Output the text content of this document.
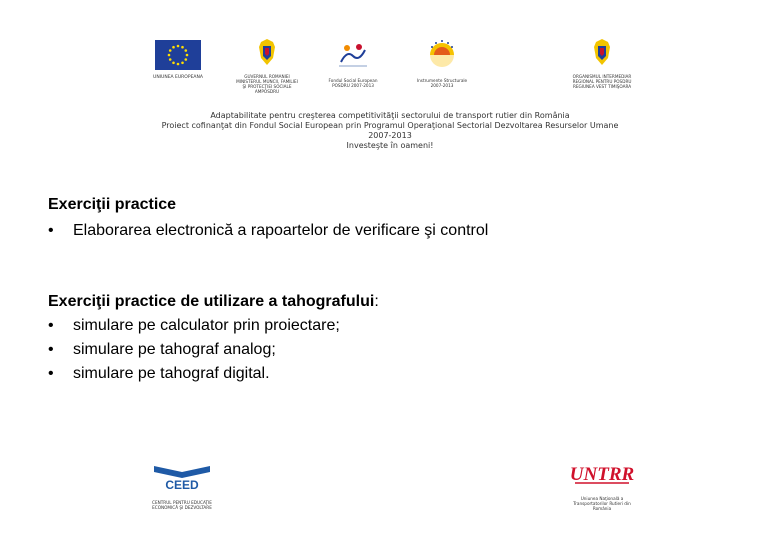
UNIUNEA EUROPEANA	GUVERNUL ROMANIEI
MINISTERUL MUNCII, FAMILIEI
ŞI PROTECŢIEI SOCIALE
AMPOSDRU
Fondul Social European
POSDRU 2007-2013
Instrumente Structurale
2007-2013
ORGANISMUL INTERMEDIAR
REGIONAL PENTRU POSDRU
REGIUNEA VEST TIMIŞOARA
Adaptabilitate pentru creşterea competitivităţii sectorului de transport rutier din România
Proiect cofinanţat din Fondul Social European prin Programul Operaţional Sectorial Dezvoltarea Resurselor Umane
2007-2013
Investeşte în oameni!
Exerciţii practice
•	Elaborarea electronică a rapoartelor de verificare şi control
Exerciţii practice de utilizare a tahografului:
•	simulare pe calculator prin proiectare;
•	simulare pe tahograf analog;
•	simulare pe tahograf digital.
CEED
CENTRUL PENTRU EDUCAŢIE
ECONOMICĂ ŞI DEZVOLTARE
UNTRR
Uniunea Naţională a
Transportatorilor Rutieri din
România
